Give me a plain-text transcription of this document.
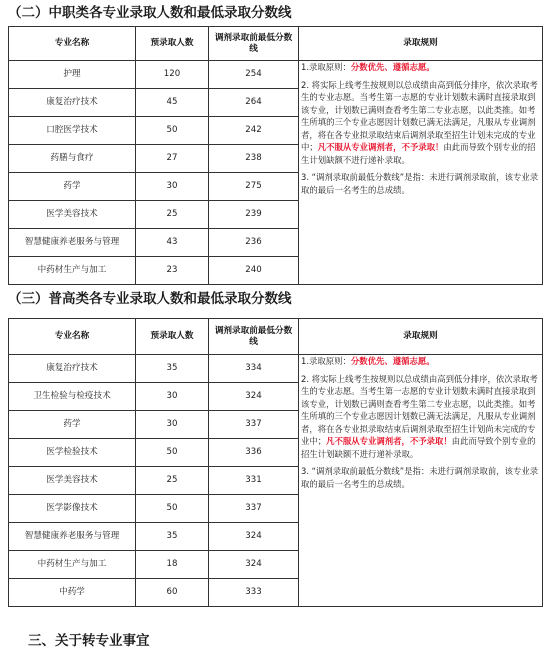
（二）中职类各专业录取人数和最低录取分数线
专业名称	预录取人数	调剂录取前最低分数线	录取规则
护理	120	254	1.录取原则：分数优先、遵循志愿。

2. 将实际上线考生按规则以总成绩由高到低分排序，依次录取考生的专业志愿。当考生第一志愿的专业计划数未满时直接录取到该专业，计划数已满则查看考生第二专业志愿，以此类推。如考生所填的三个专业志愿因计划数已满无法满足，凡服从专业调剂者，将在各专业拟录取结束后调剂录取至招生计划未完成的专业中；凡不服从专业调剂者，不予录取！由此而导致个别专业的招生计划缺额不进行递补录取。

3. “调剂录取前最低分数线”是指：未进行调剂录取前，该专业录取的最后一名考生的总成绩。

康复治疗技术	45	264	
口腔医学技术	50	242	
药膳与食疗	27	238	
药学	30	275	
医学美容技术	25	239	
智慧健康养老服务与管理	43	236	
中药材生产与加工	23	240	
（三）普高类各专业录取人数和最低录取分数线
专业名称	预录取人数	调剂录取前最低分数线	录取规则
康复治疗技术	35	334	1.录取原则：分数优先、遵循志愿。

2. 将实际上线考生按规则以总成绩由高到低分排序，依次录取考生的专业志愿。当考生第一志愿的专业计划数未满时直接录取到该专业，计划数已满则查看考生第二专业志愿，以此类推。如考生所填的三个专业志愿因计划数已满无法满足，凡服从专业调剂者，将在各专业拟录取结束后调剂录取至招生计划尚未完成的专业中；凡不服从专业调剂者，不予录取！由此而导致个别专业的招生计划缺额不进行递补录取。

3. “调剂录取前最低分数线”是指：未进行调剂录取前，该专业录取的最后一名考生的总成绩。

卫生检验与检疫技术	30	324	
药学	30	337	
医学检验技术	50	336	
医学美容技术	25	331	
医学影像技术	50	337	
智慧健康养老服务与管理	35	324	
中药材生产与加工	18	324	
中药学	60	333	
三、关于转专业事宜
